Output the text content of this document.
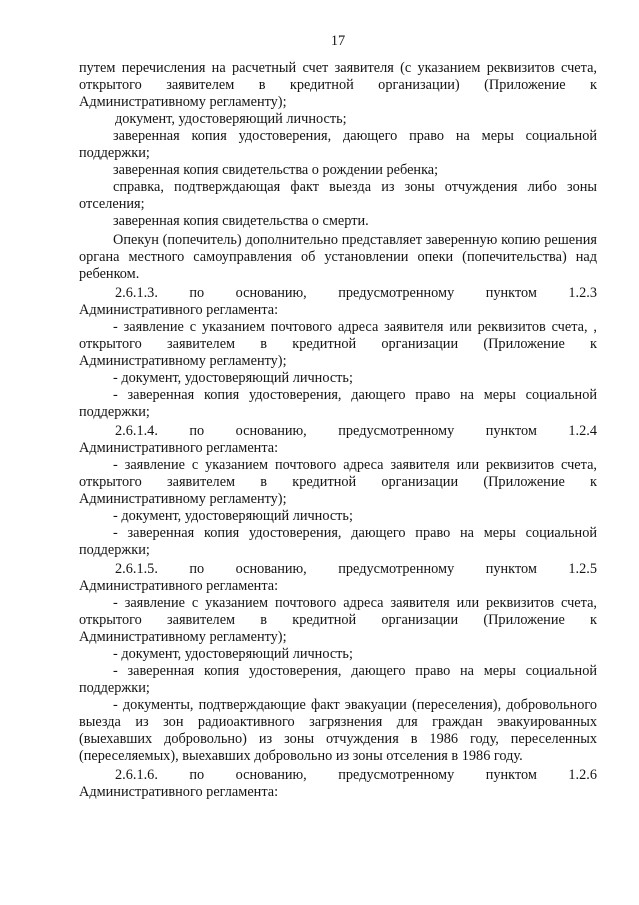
17

путем перечисления на расчетный счет заявителя (с указанием реквизитов счета, открытого заявителем в кредитной организации) (Приложение к Административному регламенту);

документ, удостоверяющий личность;

заверенная копия удостоверения, дающего право на меры социальной поддержки;

заверенная копия свидетельства о рождении ребенка;

справка, подтверждающая факт выезда из зоны отчуждения либо зоны отселения;

заверенная копия свидетельства о смерти.

Опекун (попечитель) дополнительно представляет заверенную копию решения органа местного самоуправления об установлении опеки (попечительства) над ребенком.

2.6.1.3. по основанию, предусмотренному пунктом 1.2.3

Административного регламента:

- заявление с указанием почтового адреса заявителя или реквизитов счета, , открытого заявителем в кредитной организации (Приложение к Административному регламенту);

- документ, удостоверяющий личность;

- заверенная копия удостоверения, дающего право на меры социальной поддержки;

2.6.1.4. по основанию, предусмотренному пунктом 1.2.4

Административного регламента:

- заявление с указанием почтового адреса заявителя или реквизитов счета, открытого заявителем в кредитной организации (Приложение к Административному регламенту);

- документ, удостоверяющий личность;

- заверенная копия удостоверения, дающего право на меры социальной поддержки;

2.6.1.5. по основанию, предусмотренному пунктом 1.2.5

Административного регламента:

- заявление с указанием почтового адреса заявителя или реквизитов счета, открытого заявителем в кредитной организации (Приложение к Административному регламенту);

- документ, удостоверяющий личность;

- заверенная копия удостоверения, дающего право на меры социальной поддержки;

- документы, подтверждающие факт эвакуации (переселения), добровольного выезда из зон радиоактивного загрязнения для граждан эвакуированных (выехавших добровольно) из зоны отчуждения в 1986 году, переселенных (переселяемых), выехавших добровольно из зоны отселения в 1986 году.

2.6.1.6. по основанию, предусмотренному пунктом 1.2.6

Административного регламента:
